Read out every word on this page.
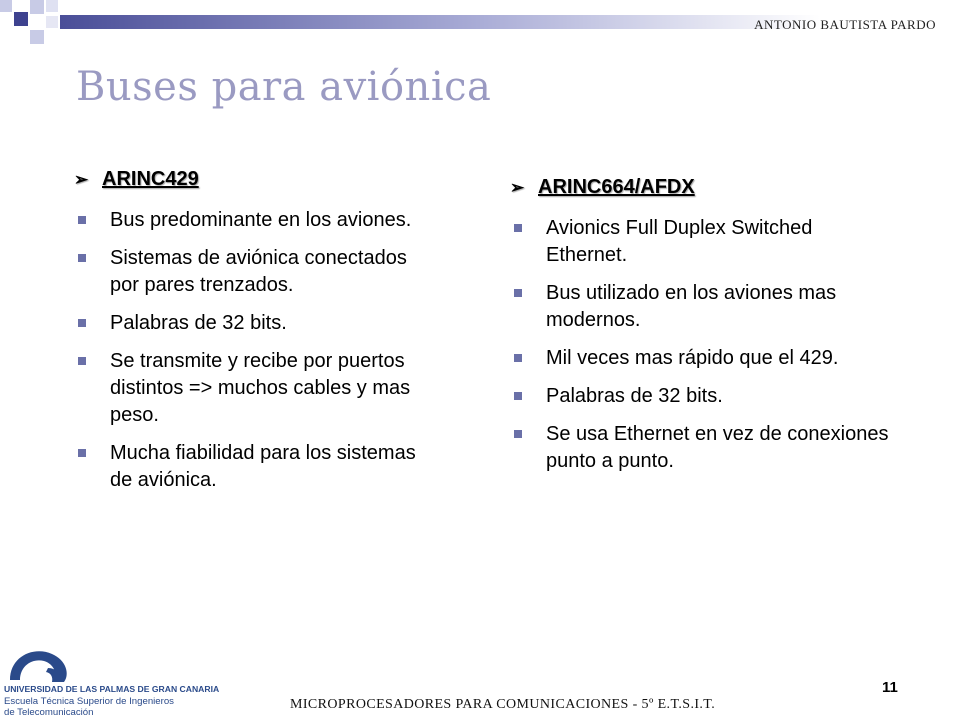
ANTONIO BAUTISTA PARDO
Buses para aviónica
➢ ARINC429
Bus predominante en los aviones.
Sistemas de aviónica conectados por pares trenzados.
Palabras de 32 bits.
Se transmite y recibe por puertos distintos => muchos cables y mas peso.
Mucha fiabilidad para los sistemas de aviónica.
➢ ARINC664/AFDX
Avionics Full Duplex Switched Ethernet.
Bus utilizado en los aviones mas modernos.
Mil veces mas rápido que el 429.
Palabras de 32 bits.
Se usa Ethernet en vez de conexiones punto a punto.
UNIVERSIDAD DE LAS PALMAS DE GRAN CANARIA
Escuela Técnica Superior de Ingenieros
de Telecomunicación
MICROPROCESADORES PARA COMUNICACIONES - 5º E.T.S.I.T.
11
